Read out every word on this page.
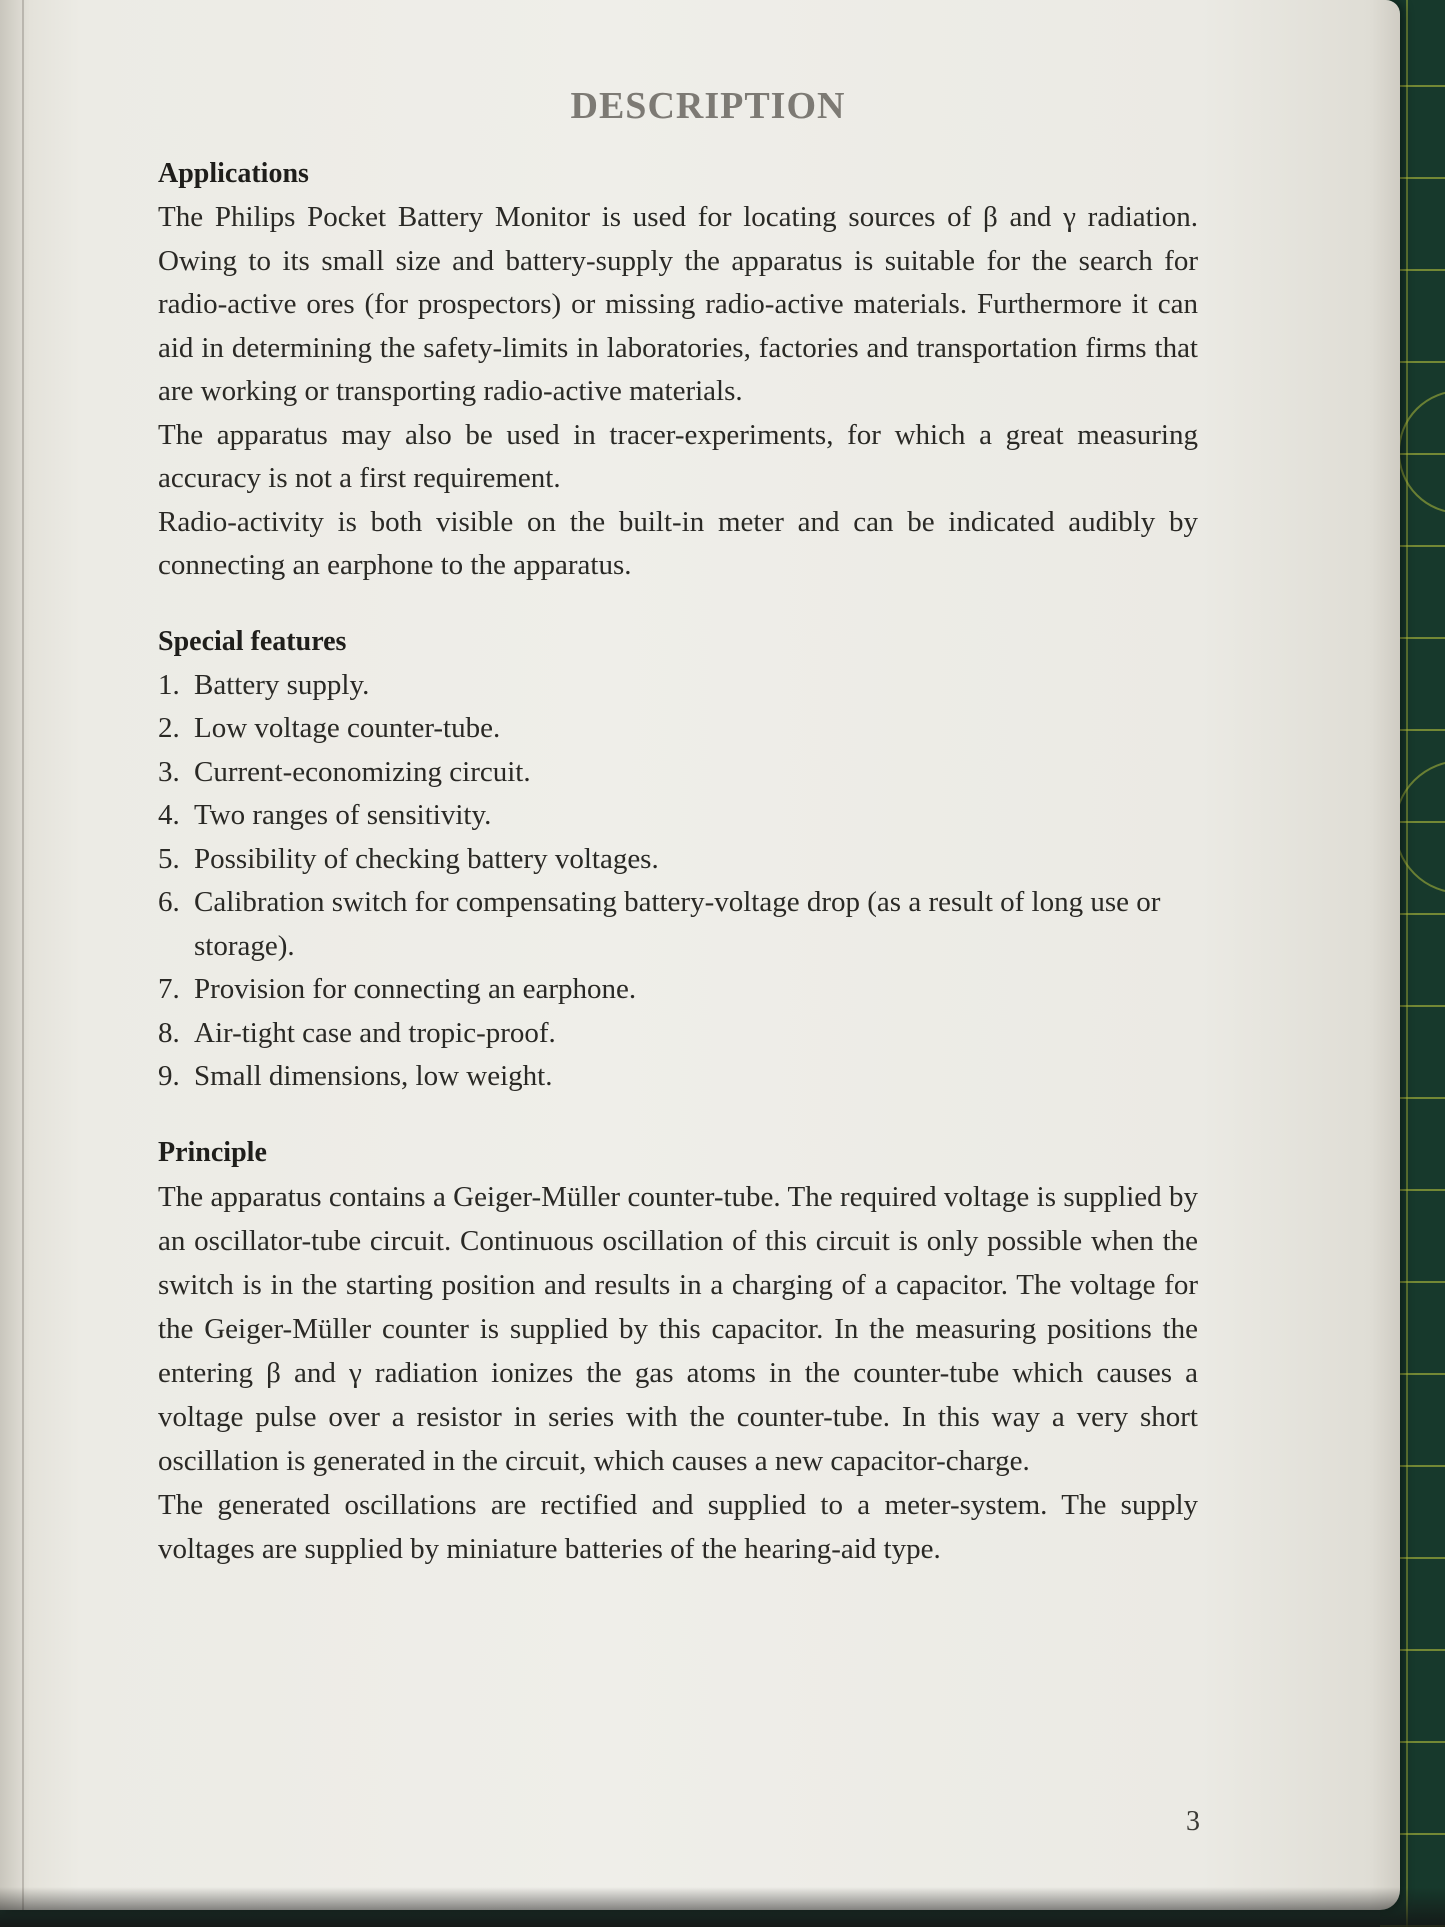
DESCRIPTION
Applications

The Philips Pocket Battery Monitor is used for locating sources of β and γ radiation. Owing to its small size and battery-supply the apparatus is suitable for the search for radio-active ores (for prospectors) or missing radio-active materials. Furthermore it can aid in determining the safety-limits in laboratories, factories and transportation firms that are working or transporting radio-active materials.

The apparatus may also be used in tracer-experiments, for which a great measuring accuracy is not a first requirement.

Radio-activity is both visible on the built-in meter and can be indicated audibly by connecting an earphone to the apparatus.

Special features
1. Battery supply.
2. Low voltage counter-tube.
3. Current-economizing circuit.
4. Two ranges of sensitivity.
5. Possibility of checking battery voltages.
6. Calibration switch for compensating battery-voltage drop (as a result of long use or storage).
7. Provision for connecting an earphone.
8. Air-tight case and tropic-proof.
9. Small dimensions, low weight.
Principle

The apparatus contains a Geiger-Müller counter-tube. The required voltage is supplied by an oscillator-tube circuit. Continuous oscillation of this circuit is only possible when the switch is in the starting position and results in a charging of a capacitor. The voltage for the Geiger-Müller counter is supplied by this capacitor. In the measuring positions the entering β and γ radiation ionizes the gas atoms in the counter-tube which causes a voltage pulse over a resistor in series with the counter-tube. In this way a very short oscillation is generated in the circuit, which causes a new capacitor-charge.

The generated oscillations are rectified and supplied to a meter-system. The supply voltages are supplied by miniature batteries of the hearing-aid type.

3
